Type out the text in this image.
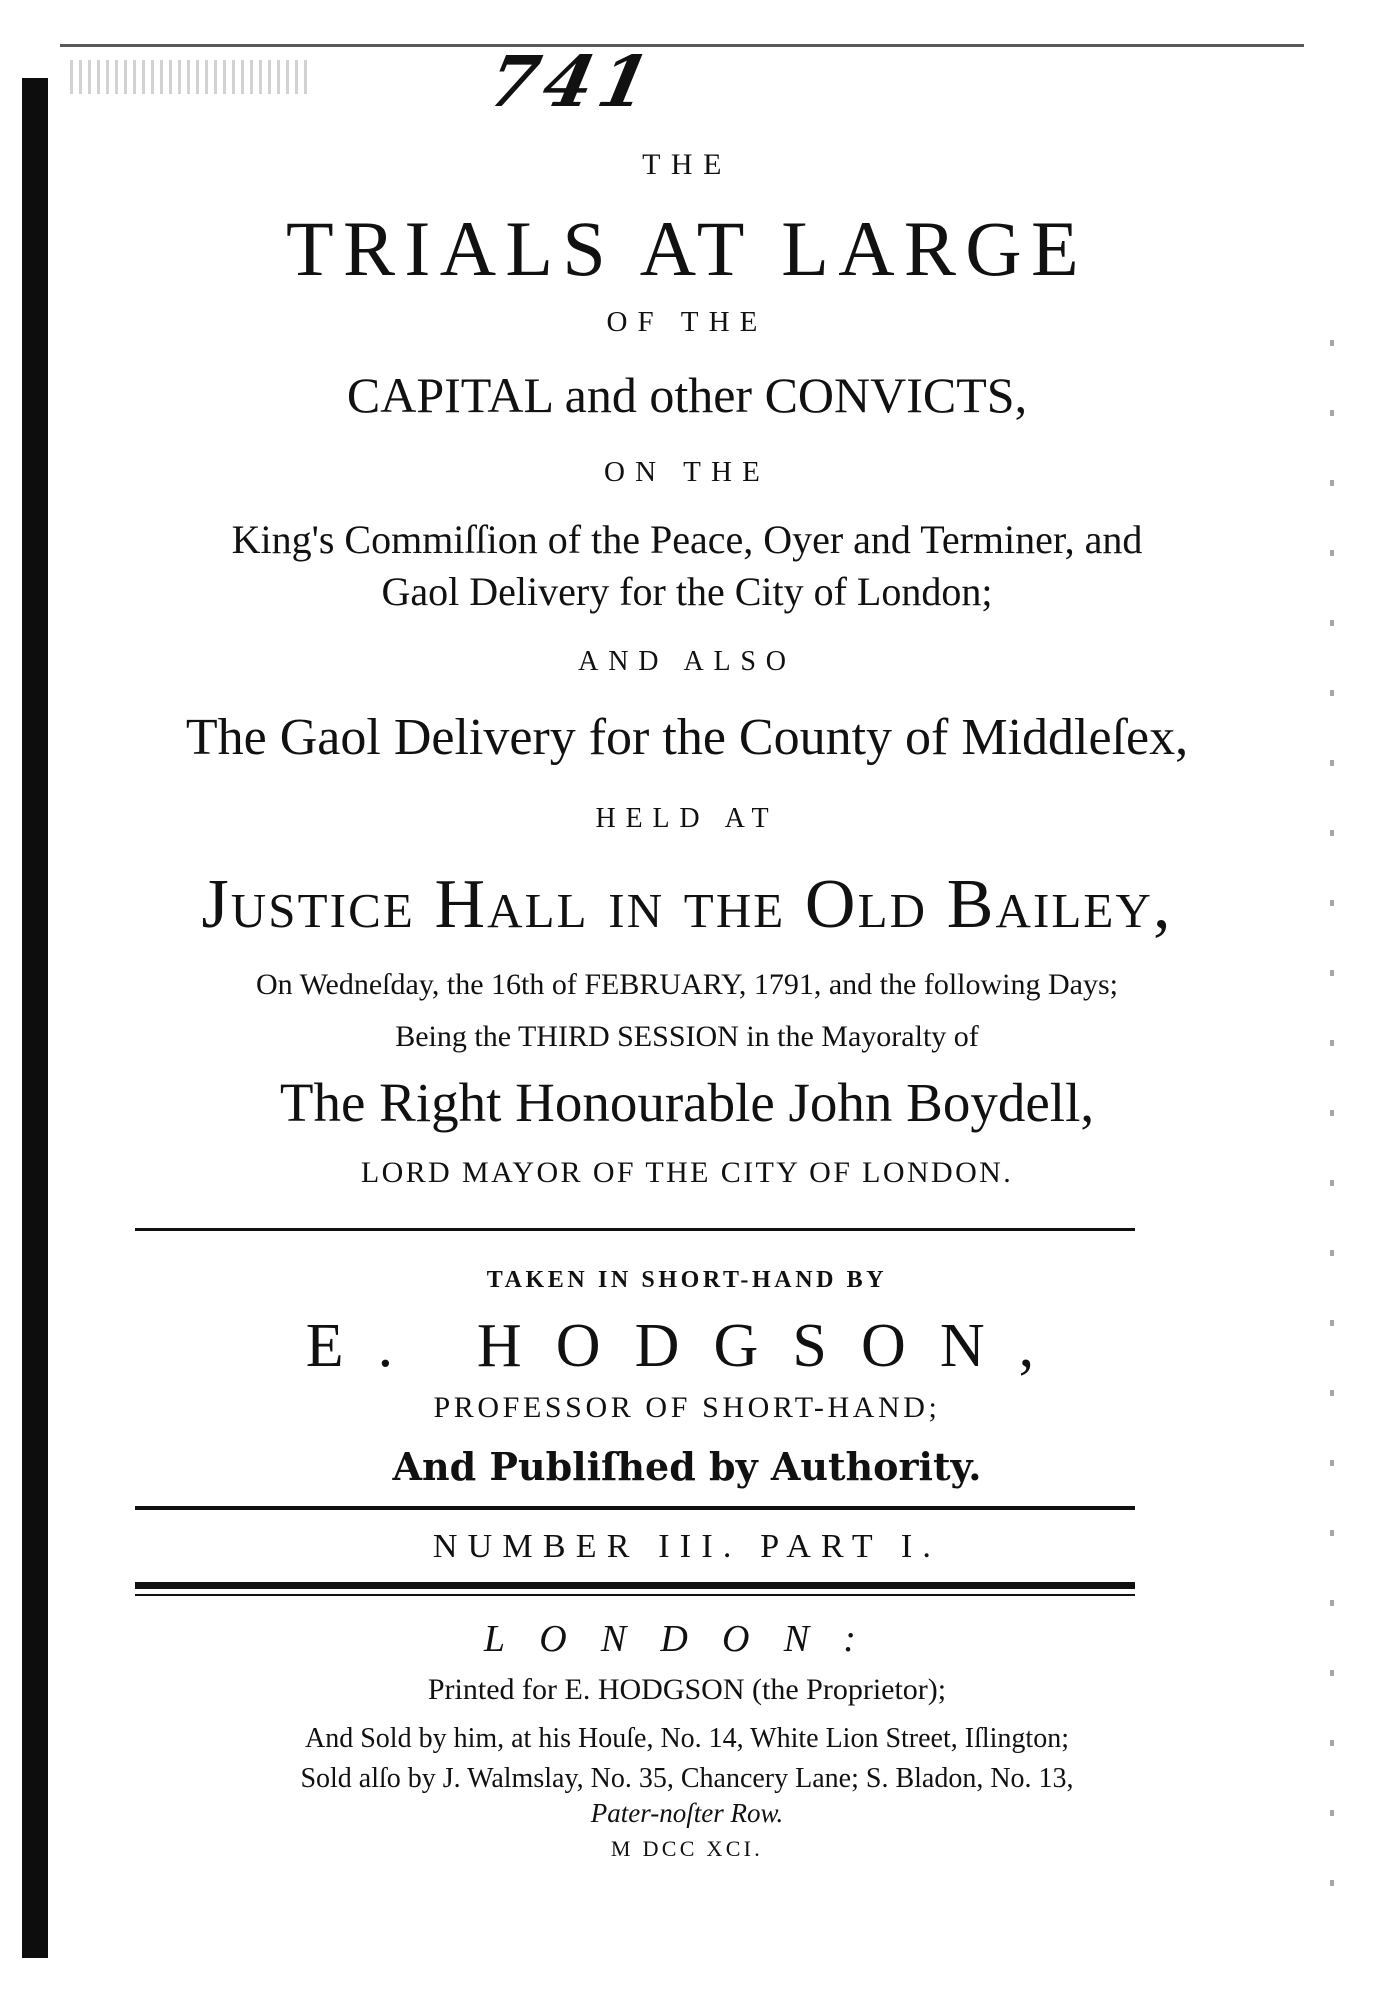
741
THE
TRIALS AT LARGE
OF THE
CAPITAL and other CONVICTS,
ON THE
King's Commiſſion of the Peace, Oyer and Terminer, and
Gaol Delivery for the City of London;
AND ALSO
The Gaol Delivery for the County of Middleſex,
HELD AT
Justice Hall in the Old Bailey,
On Wedneſday, the 16th of FEBRUARY, 1791, and the following Days;
Being the THIRD SESSION in the Mayoralty of
The Right Honourable John Boydell,
LORD MAYOR OF THE CITY OF LONDON.
TAKEN IN SHORT-HAND BY
E. HODGSON,
PROFESSOR OF SHORT-HAND;
And Publiſhed by Authority.
NUMBER III. PART I.
LONDON:
Printed for E. HODGSON (the Proprietor);
And Sold by him, at his Houſe, No. 14, White Lion Street, Iſlington;
Sold alſo by J. Walmslay, No. 35, Chancery Lane; S. Bladon, No. 13,
Pater-noſter Row.
M DCC XCI.
